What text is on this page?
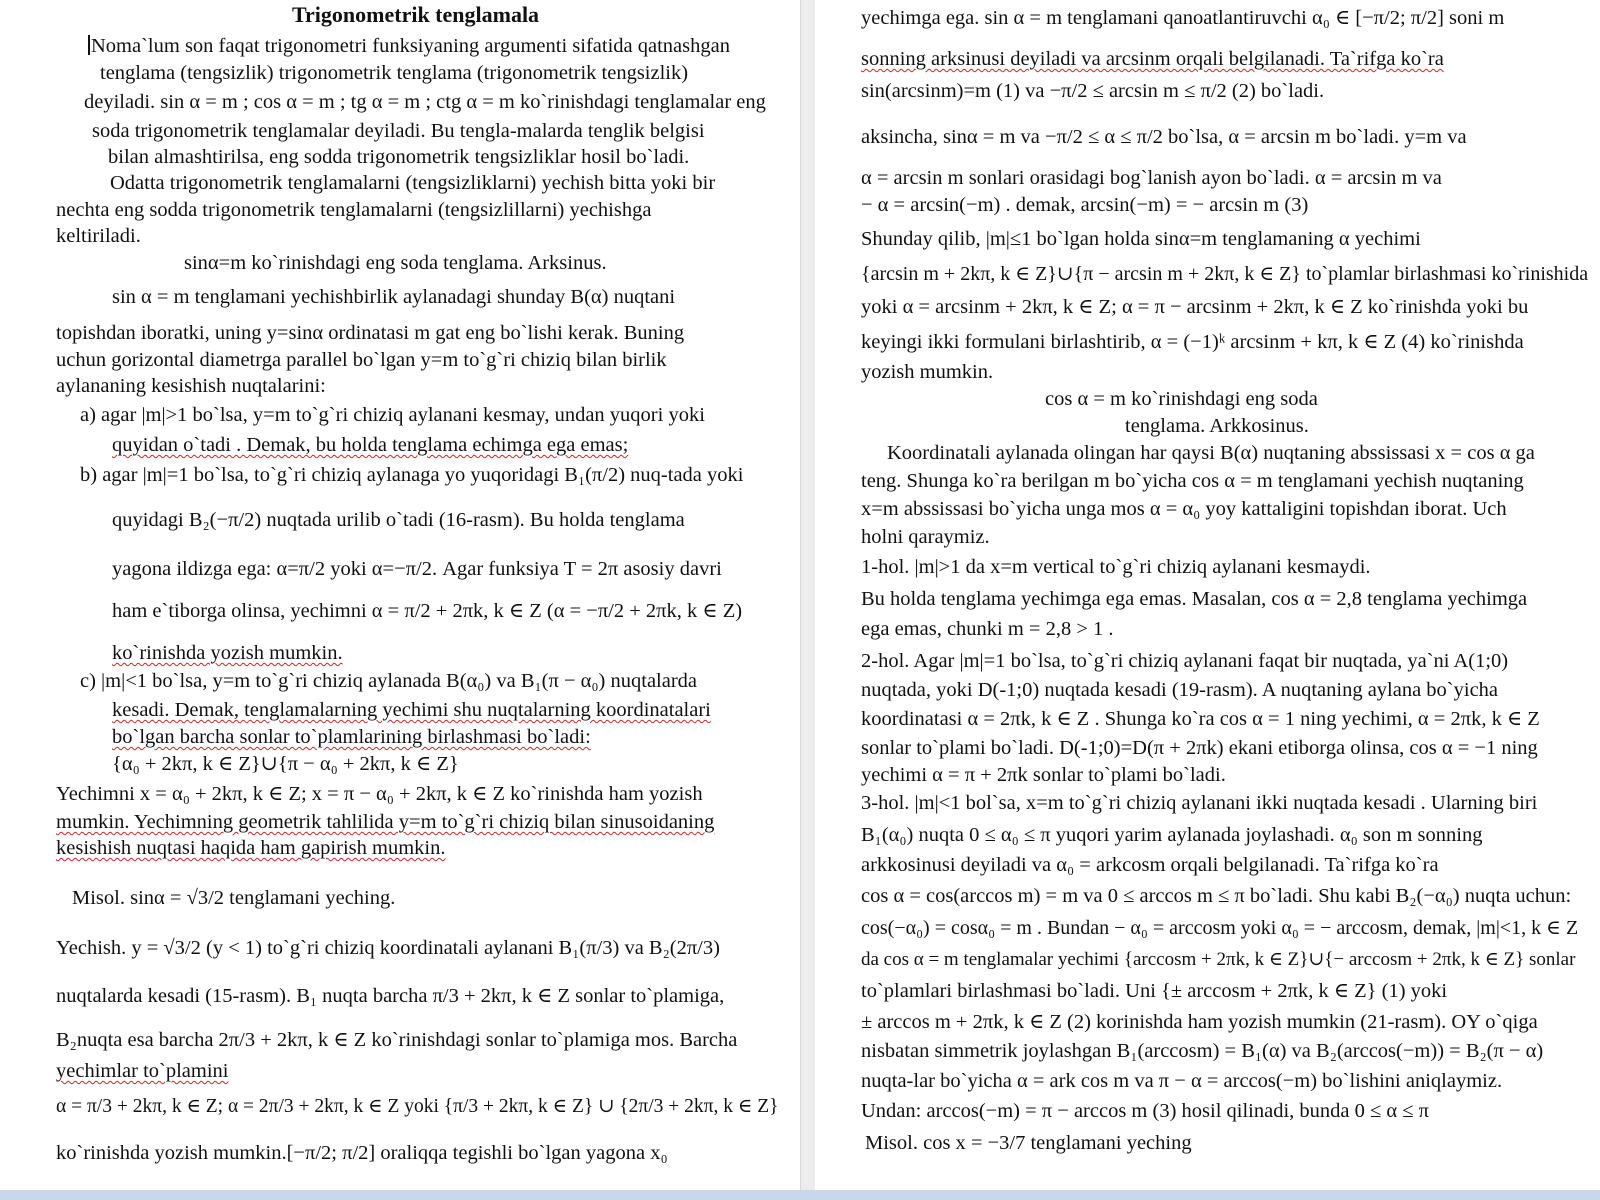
Trigonometrik tenglamala
Noma`lum son faqat trigonometri funksiyaning argumenti sifatida qatnashgan
tenglama (tengsizlik) trigonometrik tenglama (trigonometrik tengsizlik)
deyiladi. sin α = m ; cos α = m ; tg α = m ; ctg α = m ko`rinishdagi tenglamalar eng
soda trigonometrik tenglamalar deyiladi. Bu tengla-malarda tenglik belgisi
bilan almashtirilsa, eng sodda trigonometrik tengsizliklar hosil bo`ladi.
Odatta trigonometrik tenglamalarni (tengsizliklarni) yechish bitta yoki bir
nechta eng sodda trigonometrik tenglamalarni (tengsizlillarni) yechishga
keltiriladi.
sinα=m ko`rinishdagi eng soda tenglama. Arksinus.
sin α = m tenglamani yechishbirlik aylanadagi shunday B(α) nuqtani
topishdan iboratki, uning y=sinα ordinatasi m gat eng bo`lishi kerak. Buning
uchun gorizontal diametrga parallel bo`lgan y=m to`g`ri chiziq bilan birlik
aylananing kesishish nuqtalarini:
a) agar |m|>1 bo`lsa, y=m to`g`ri chiziq aylanani kesmay, undan yuqori yoki
quyidan o`tadi . Demak, bu holda tenglama echimga ega emas;
b) agar |m|=1 bo`lsa, to`g`ri chiziq aylanaga yo yuqoridagi B₁(π/2) nuq-tada yoki
quyidagi B₂(−π/2) nuqtada urilib o`tadi (16-rasm). Bu holda tenglama
yagona ildizga ega: α=π/2 yoki α=−π/2. Agar funksiya T = 2π asosiy davri
ham e`tiborga olinsa, yechimni α = π/2 + 2πk, k ∈ Z (α = −π/2 + 2πk, k ∈ Z)
ko`rinishda yozish mumkin.
c) |m|<1 bo`lsa, y=m to`g`ri chiziq aylanada B(α₀) va B₁(π − α₀) nuqtalarda
kesadi. Demak, tenglamalarning yechimi shu nuqtalarning koordinatalari
bo`lgan barcha sonlar to`plamlarining birlashmasi bo`ladi:
{α₀ + 2kπ, k ∈ Z}∪{π − α₀ + 2kπ, k ∈ Z}
Yechimni x = α₀ + 2kπ, k ∈ Z; x = π − α₀ + 2kπ, k ∈ Z ko`rinishda ham yozish
mumkin. Yechimning geometrik tahlilida y=m to`g`ri chiziq bilan sinusoidaning
kesishish nuqtasi haqida ham gapirish mumkin.
Misol. sinα = √3/2 tenglamani yeching.
Yechish. y = √3/2 (y < 1) to`g`ri chiziq koordinatali aylanani B₁(π/3) va B₂(2π/3)
nuqtalarda kesadi (15-rasm). B₁ nuqta barcha π/3 + 2kπ, k ∈ Z sonlar to`plamiga,
B₂nuqta esa barcha 2π/3 + 2kπ, k ∈ Z ko`rinishdagi sonlar to`plamiga mos. Barcha
yechimlar to`plamini
α = π/3 + 2kπ, k ∈ Z; α = 2π/3 + 2kπ, k ∈ Z yoki {π/3 + 2kπ, k ∈ Z} ∪ {2π/3 + 2kπ, k ∈ Z}
ko`rinishda yozish mumkin.[−π/2; π/2] oraliqqa tegishli bo`lgan yagona x₀
yechimga ega. sin α = m tenglamani qanoatlantiruvchi α₀ ∈ [−π/2; π/2] soni m
sonning arksinusi deyiladi va arcsinm orqali belgilanadi. Ta`rifga ko`ra
sin(arcsinm)=m (1) va −π/2 ≤ arcsin m ≤ π/2 (2) bo`ladi.
aksincha, sinα = m va −π/2 ≤ α ≤ π/2 bo`lsa, α = arcsin m bo`ladi. y=m va
α = arcsin m sonlari orasidagi bog`lanish ayon bo`ladi. α = arcsin m va
− α = arcsin(−m) . demak, arcsin(−m) = − arcsin m (3)
Shunday qilib, |m|≤1 bo`lgan holda sinα=m tenglamaning α yechimi
{arcsin m + 2kπ, k ∈ Z}∪{π − arcsin m + 2kπ, k ∈ Z} to`plamlar birlashmasi ko`rinishida
yoki α = arcsinm + 2kπ, k ∈ Z; α = π − arcsinm + 2kπ, k ∈ Z ko`rinishda yoki bu
keyingi ikki formulani birlashtirib, α = (−1)ᵏ arcsinm + kπ, k ∈ Z (4) ko`rinishda
yozish mumkin.
cos α = m ko`rinishdagi eng soda
tenglama. Arkkosinus.
Koordinatali aylanada olingan har qaysi B(α) nuqtaning abssissasi x = cos α ga
teng. Shunga ko`ra berilgan m bo`yicha cos α = m tenglamani yechish nuqtaning
x=m abssissasi bo`yicha unga mos α = α₀ yoy kattaligini topishdan iborat. Uch
holni qaraymiz.
1-hol. |m|>1 da x=m vertical to`g`ri chiziq aylanani kesmaydi.
Bu holda tenglama yechimga ega emas. Masalan, cos α = 2,8 tenglama yechimga
ega emas, chunki m = 2,8 > 1 .
2-hol. Agar |m|=1 bo`lsa, to`g`ri chiziq aylanani faqat bir nuqtada, ya`ni A(1;0)
nuqtada, yoki D(-1;0) nuqtada kesadi (19-rasm). A nuqtaning aylana bo`yicha
koordinatasi α = 2πk, k ∈ Z . Shunga ko`ra cos α = 1 ning yechimi, α = 2πk, k ∈ Z
sonlar to`plami bo`ladi. D(-1;0)=D(π + 2πk) ekani etiborga olinsa, cos α = −1 ning
yechimi α = π + 2πk sonlar to`plami bo`ladi.
3-hol. |m|<1 bol`sa, x=m to`g`ri chiziq aylanani ikki nuqtada kesadi . Ularning biri
B₁(α₀) nuqta 0 ≤ α₀ ≤ π yuqori yarim aylanada joylashadi. α₀ son m sonning
arkkosinusi deyiladi va α₀ = arkcosm orqali belgilanadi. Ta`rifga ko`ra
cos α = cos(arccos m) = m va 0 ≤ arccos m ≤ π bo`ladi. Shu kabi B₂(−α₀) nuqta uchun:
cos(−α₀) = cosα₀ = m . Bundan − α₀ = arccosm yoki α₀ = − arccosm, demak, |m|<1, k ∈ Z
da cos α = m tenglamalar yechimi {arccosm + 2πk, k ∈ Z}∪{− arccosm + 2πk, k ∈ Z} sonlar
to`plamlari birlashmasi bo`ladi. Uni {± arccosm + 2πk, k ∈ Z} (1) yoki
± arccos m + 2πk, k ∈ Z (2) korinishda ham yozish mumkin (21-rasm). OY o`qiga
nisbatan simmetrik joylashgan B₁(arccosm) = B₁(α) va B₂(arccos(−m)) = B₂(π − α)
nuqta-lar bo`yicha α = ark cos m va π − α = arccos(−m) bo`lishini aniqlaymiz.
Undan: arccos(−m) = π − arccos m (3) hosil qilinadi, bunda 0 ≤ α ≤ π
Misol. cos x = −3/7 tenglamani yeching
